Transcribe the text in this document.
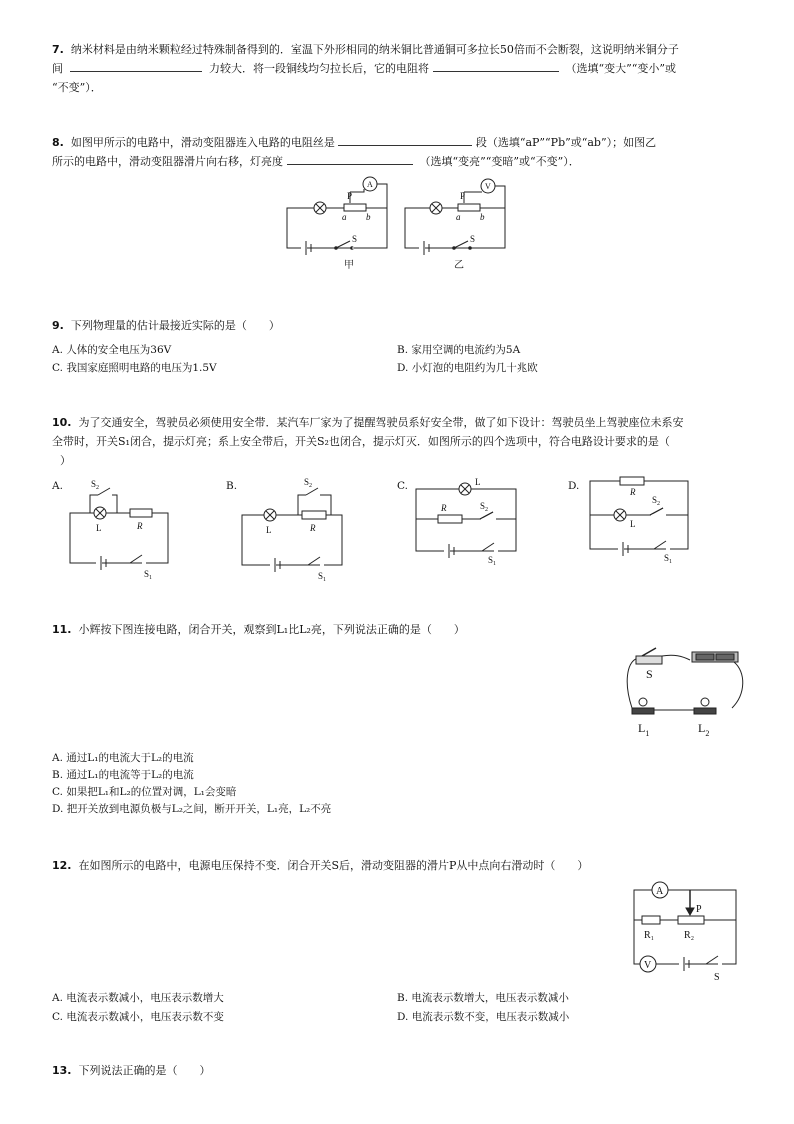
7. 纳米材料是由纳米颗粒经过特殊制备得到的．室温下外形相同的纳米铜比普通铜可多拉长50倍而不会断裂，这说明纳米铜分子
间	力较大．将一段铜线均匀拉长后，它的电阻将	（选填“变大”“变小”或
“不变”）．
8. 如图甲所示的电路中，滑动变阻器连入电路的电阻丝是	段（选填“aP”“Pb”或“ab”）；如图乙
所示的电路中，滑动变阻器滑片向右移，灯亮度	（选填“变亮”“变暗”或“不变”）．
P
A
a b
S
甲
P
V
a b
S
乙
9. 下列物理量的估计最接近实际的是（　　）
A. 人体的安全电压为36V	B. 家用空调的电流约为5A
C. 我国家庭照明电路的电压为1.5V	D. 小灯泡的电阻约为几十兆欧
10. 为了交通安全，驾驶员必须使用安全带．某汽车厂家为了提醒驾驶员系好安全带，做了如下设计：驾驶员坐上驾驶座位未系安
全带时，开关S₁闭合，提示灯亮；系上安全带后，开关S₂也闭合，提示灯灭．如图所示的四个选项中，符合电路设计要求的是（
）
A.	$S_2$
L	R
$S_1$
B.	$S_2$
L	R
$S_1$
C.	L
R	$S_2$
$S_1$
D.	R
L
$S_2$
$S_1$
11. 小辉按下图连接电路，闭合开关，观察到L₁比L₂亮，下列说法正确的是（　　）
S
$L_1$	$L_2$
A. 通过L₁的电流大于L₂的电流
B. 通过L₁的电流等于L₂的电流
C. 如果把L₁和L₂的位置对调，L₁会变暗
D. 把开关放到电源负极与L₂之间，断开开关，L₁亮，L₂不亮
12. 在如图所示的电路中，电源电压保持不变．闭合开关S后，滑动变阻器的滑片P从中点向右滑动时（　　）
A
V
P
R₁	R₂
S
A. 电流表示数减小，电压表示数增大	B. 电流表示数增大，电压表示数减小
C. 电流表示数减小，电压表示数不变	D. 电流表示数不变，电压表示数减小
13. 下列说法正确的是（　　）
